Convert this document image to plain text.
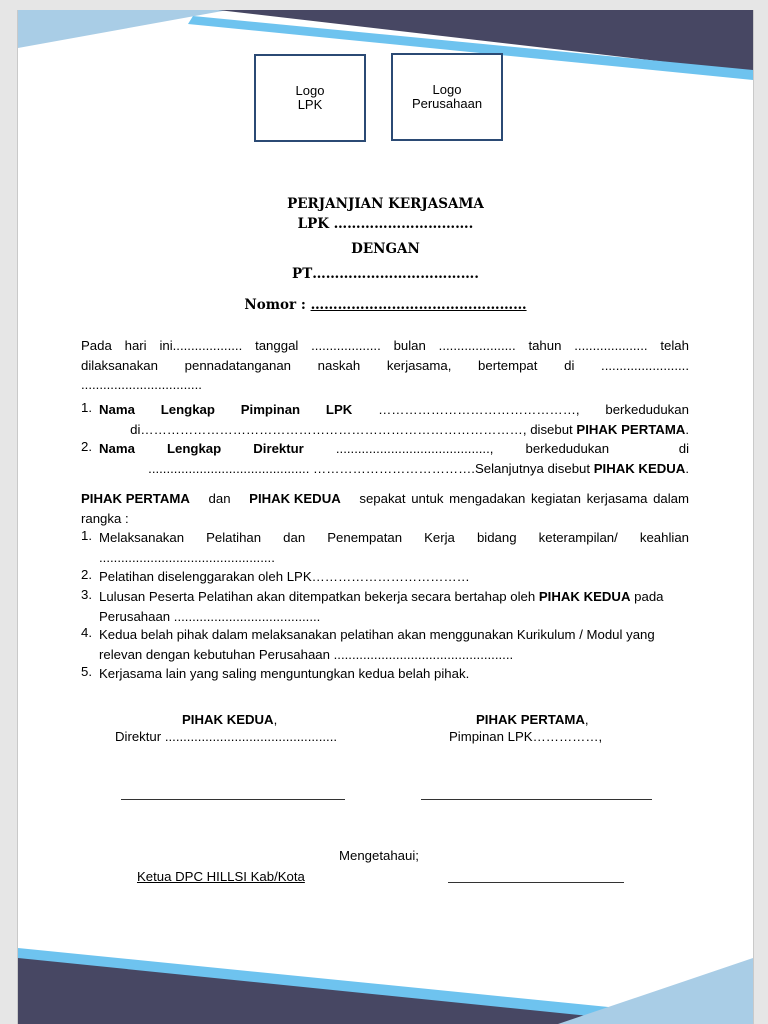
Logo
LPK
Logo
Perusahaan
PERJANJIAN KERJASAMA
LPK ………………………….
DENGAN
PT……………………………….
Nomor : …………………………………………
Pada hari ini................... tanggal ................... bulan ..................... tahun .................... telah
dilaksanakan pennadatanganan naskah kerjasama, bertempat di ........................
.................................
1. Nama Lengkap Pimpinan LPK ………………………………………, berkedudukan
di……………………………………………………………………………, disebut PIHAK PERTAMA.
2. Nama Lengkap Direktur .........................................., berkedudukan di
............................................ ……………………………….Selanjutnya disebut PIHAK KEDUA.
PIHAK PERTAMA dan PIHAK KEDUA sepakat untuk mengadakan kegiatan kerjasama dalam
rangka :
1. Melaksanakan Pelatihan dan Penempatan Kerja bidang keterampilan/ keahlian
................................................
2. Pelatihan diselenggarakan oleh LPK………………………………
3. Lulusan Peserta Pelatihan akan ditempatkan bekerja secara bertahap oleh PIHAK KEDUA pada
Perusahaan ........................................
4. Kedua belah pihak dalam melaksanakan pelatihan akan menggunakan Kurikulum / Modul yang
relevan dengan kebutuhan Perusahaan .................................................
5. Kerjasama lain yang saling menguntungkan kedua belah pihak.
PIHAK KEDUA,
Direktur ...............................................
PIHAK PERTAMA,
Pimpinan LPK……………,
Mengetahaui;
Ketua DPC HILLSI Kab/Kota
